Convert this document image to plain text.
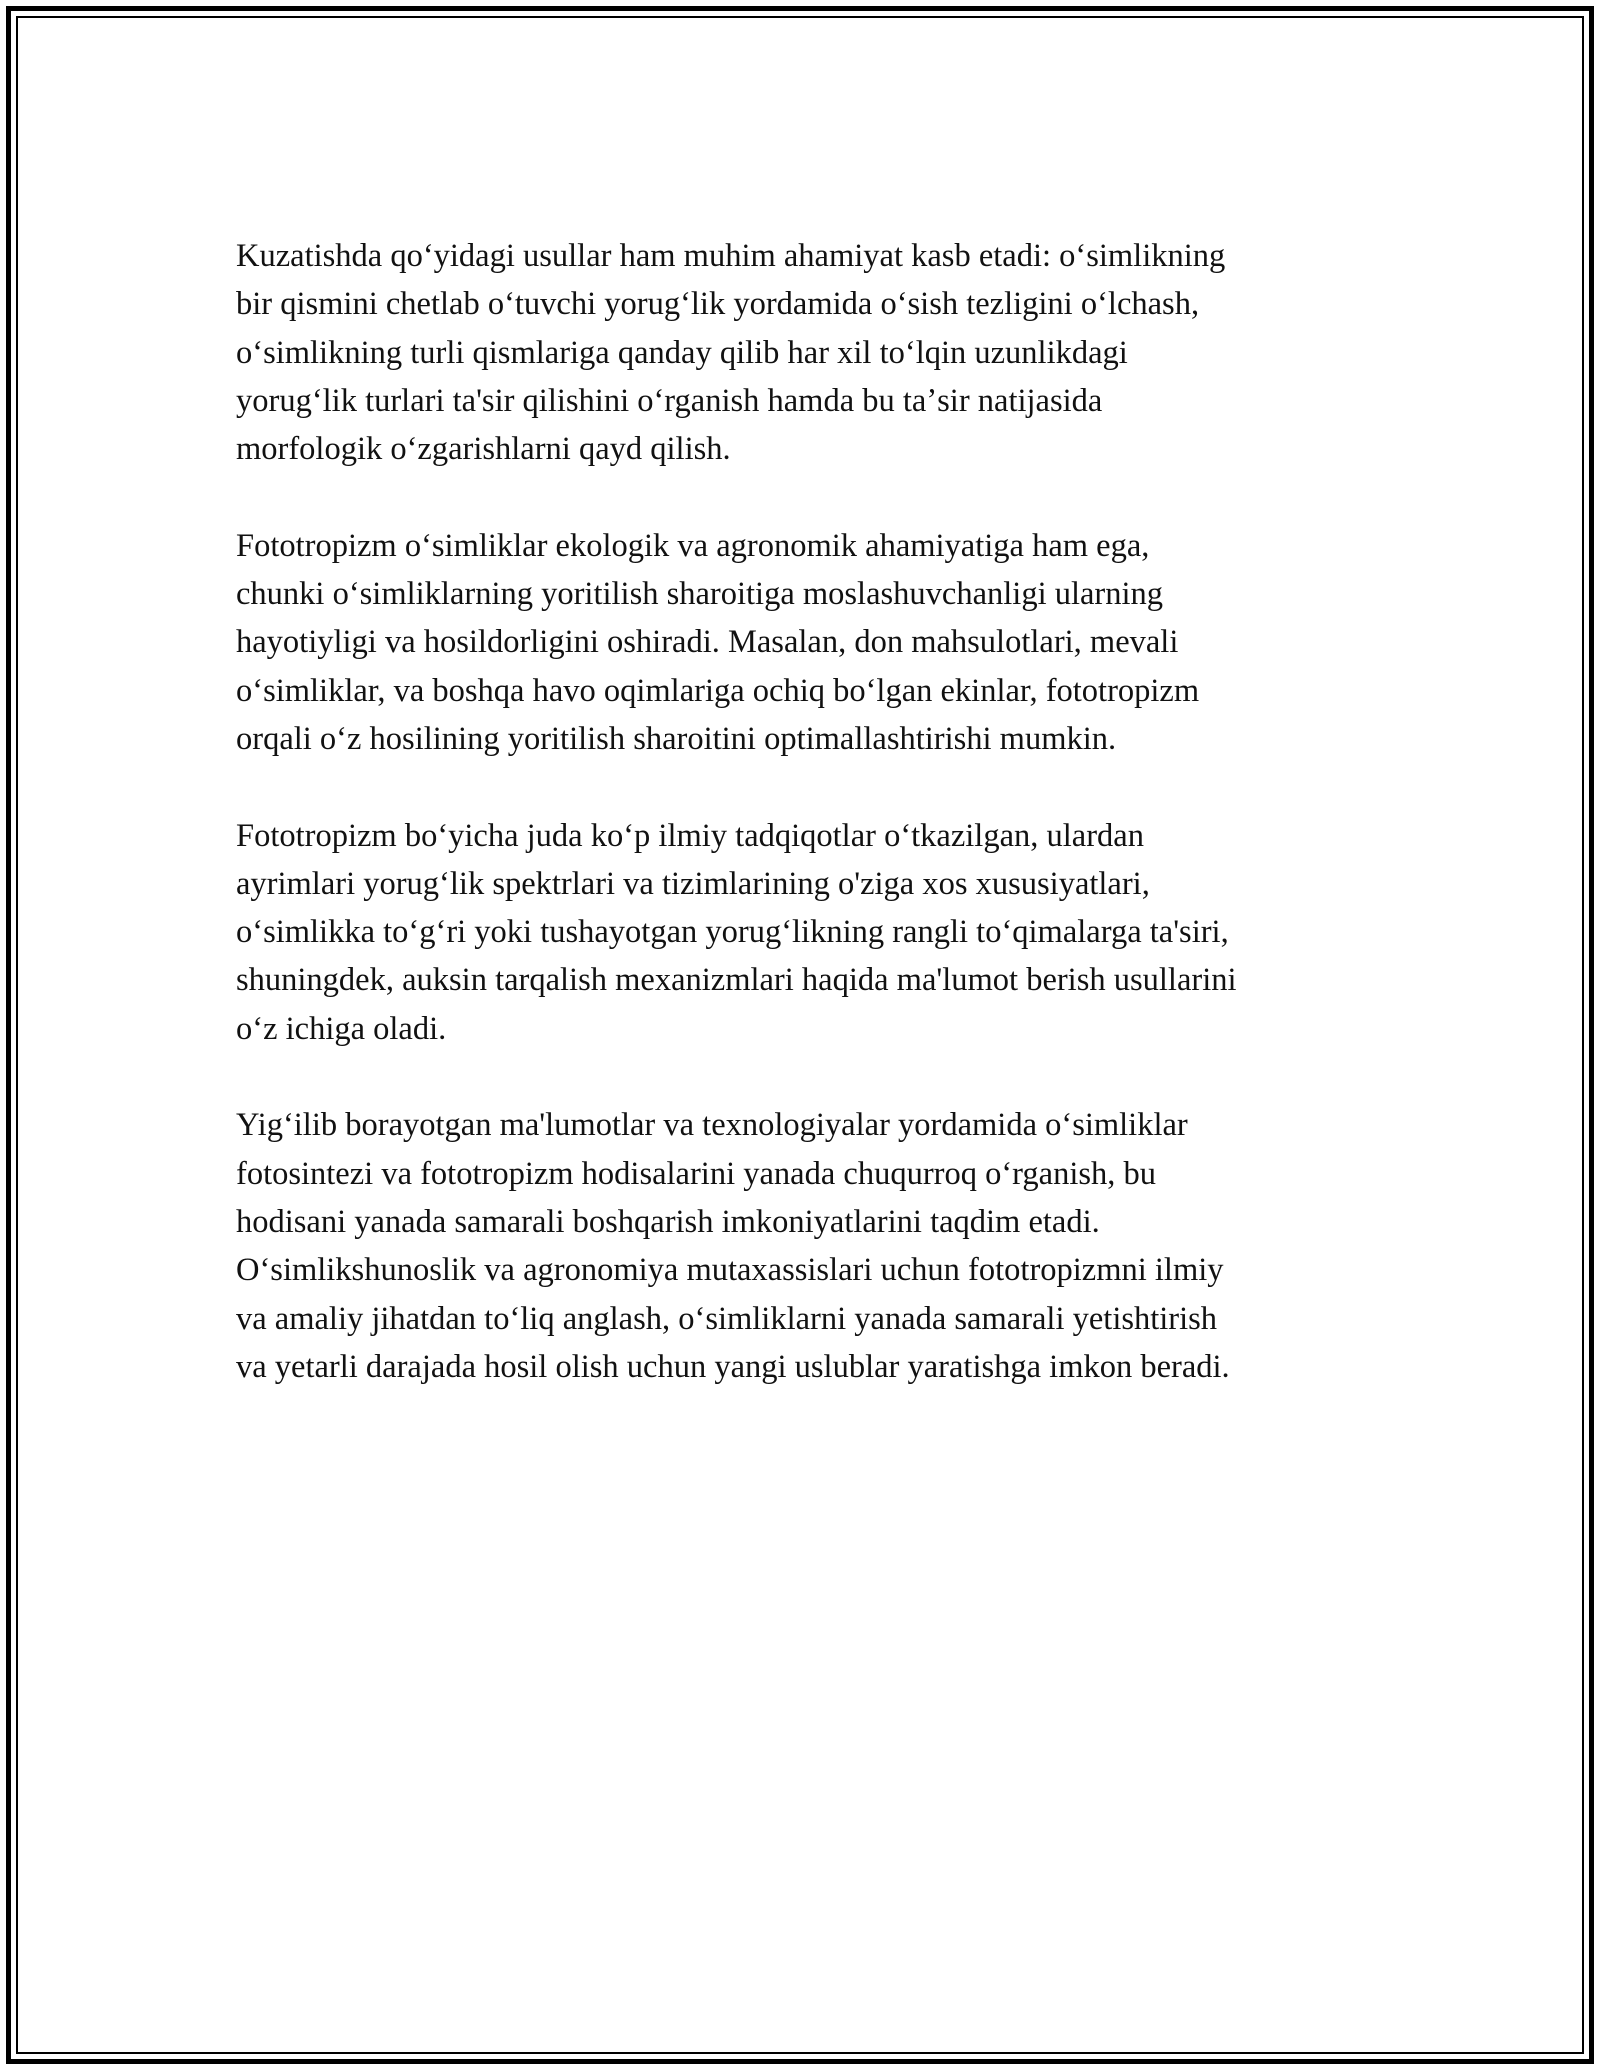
Kuzatishda qoʻyidagi usullar ham muhim ahamiyat kasb etadi: oʻsimlikning
bir qismini chetlab oʻtuvchi yorugʻlik yordamida oʻsish tezligini oʻlchash,
oʻsimlikning turli qismlariga qanday qilib har xil toʻlqin uzunlikdagi
yorugʻlik turlari ta'sir qilishini oʻrganish hamda bu taʼsir natijasida
morfologik oʻzgarishlarni qayd qilish.

Fototropizm oʻsimliklar ekologik va agronomik ahamiyatiga ham ega,
chunki oʻsimliklarning yoritilish sharoitiga moslashuvchanligi ularning
hayotiyligi va hosildorligini oshiradi. Masalan, don mahsulotlari, mevali
oʻsimliklar, va boshqa havo oqimlariga ochiq boʻlgan ekinlar, fototropizm
orqali oʻz hosilining yoritilish sharoitini optimallashtirishi mumkin.

Fototropizm boʻyicha juda koʻp ilmiy tadqiqotlar oʻtkazilgan, ulardan
ayrimlari yorugʻlik spektrlari va tizimlarining o'ziga xos xususiyatlari,
oʻsimlikka toʻgʻri yoki tushayotgan yorugʻlikning rangli toʻqimalarga ta'siri,
shuningdek, auksin tarqalish mexanizmlari haqida ma'lumot berish usullarini
oʻz ichiga oladi.

Yigʻilib borayotgan ma'lumotlar va texnologiyalar yordamida oʻsimliklar
fotosintezi va fototropizm hodisalarini yanada chuqurroq oʻrganish, bu
hodisani yanada samarali boshqarish imkoniyatlarini taqdim etadi.
Oʻsimlikshunoslik va agronomiya mutaxassislari uchun fototropizmni ilmiy
va amaliy jihatdan toʻliq anglash, oʻsimliklarni yanada samarali yetishtirish
va yetarli darajada hosil olish uchun yangi uslublar yaratishga imkon beradi.
